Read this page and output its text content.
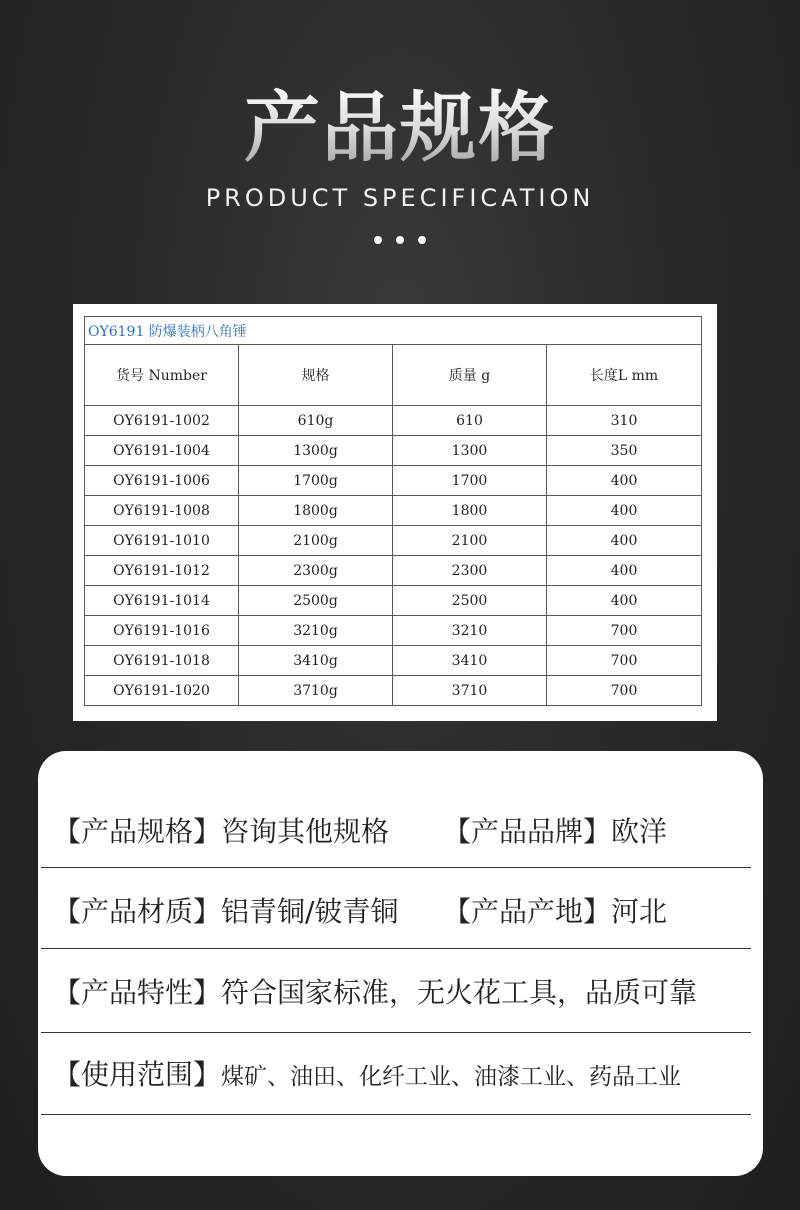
产品规格
PRODUCT SPECIFICATION
OY6191 防爆装柄八角锤			
货号 Number	规格	质量 g	长度L mm
OY6191-1002	610g	610	310
OY6191-1004	1300g	1300	350
OY6191-1006	1700g	1700	400
OY6191-1008	1800g	1800	400
OY6191-1010	2100g	2100	400
OY6191-1012	2300g	2300	400
OY6191-1014	2500g	2500	400
OY6191-1016	3210g	3210	700
OY6191-1018	3410g	3410	700
OY6191-1020	3710g	3710	700
【产品规格】咨询其他规格 【产品品牌】欧洋
【产品材质】铝青铜/铍青铜 【产品产地】河北
【产品特性】符合国家标准，无火花工具，品质可靠
【使用范围】煤矿、油田、化纤工业、油漆工业、药品工业
